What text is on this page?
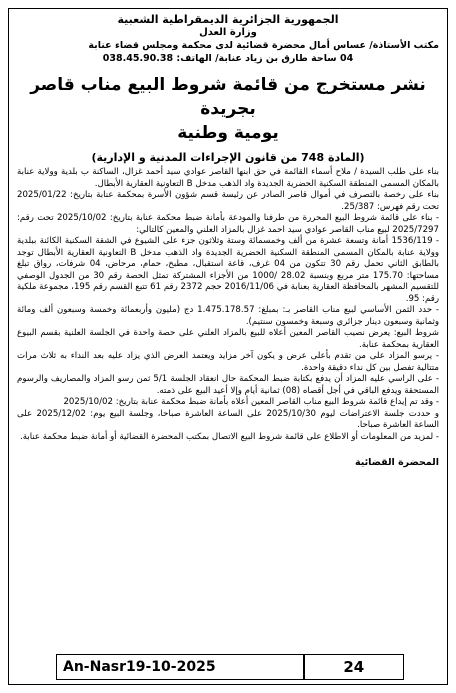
الجمهورية الجزائرية الديمقراطية الشعبية
وزارة العدل
مكتب الأستاذة/ عساس أمال محضرة قضائية لدى محكمة ومجلس قضاء عنابة
04 ساحة طارق بن زياد عنابة/ الهاتف: 038.45.90.38
نشر مستخرج من قائمة شروط البيع مناب قاصر بجريدة
يومية وطنية
(المادة 748 من قانون الإجراءات المدنية و الإدارية)

بناء على طلب السيدة / ملاح أسماء القائمة في حق ابنها القاصر عوادي سيد أحمد غزال، الساكنة ب بلدية وولاية عنابة بالمكان المسمى المنطقة السكنية الحضرية الجديدة واد الذهب مدخل B التعاونية العقارية الأبطال.

بناء على رخصة بالتصرف في أموال قاصر الصادر عن رئيسة قسم شؤون الأسرة بمحكمة عنابة بتاريخ: 2025/01/22 تحت رقم فهرس: 25/387.

- بناء على قائمة شروط البيع المحررة من طرفنا والمودعة بأمانة ضبط محكمة عنابة بتاريخ: 2025/10/02 تحت رقم: 2025/7297 لبيع مناب القاصر عوادي سيد احمد غزال بالمزاد العلني والمعين كالتالي:

- 1536/119 أمانة وتسعة عشرة من ألف وخمسمائة وستة وثلاثون جزء على الشيوع في الشقة السكنية الكائنة ببلدية وولاية عنابة بالمكان المسمى المنطقة السكنية الحضرية الجديدة واد الذهب مدخل B التعاونية العقارية الأبطال توجد بالطابق الثاني تحمل رقم 30 تتكون من 04 غرف، قاعة استقبال، مطبخ، حمام، مرحاض، 04 شرفات، رواق تبلغ مساحتها: 175.70 متر مربع وبنسبة 28.02 /1000 من الأجزاء المشتركة تمثل الحصة رقم 30 من الجدول الوصفي للتقسيم المشهر بالمحافظة العقارية بعنابة في 2016/11/06 حجم 2372 رقم 61 تتبع القسم رقم 195، مجموعة ملكية رقم: 95.

- حدد الثمن الأساسي لبيع مناب القاصر بـ: بمبلغ: 1.475.178.57 دج (مليون وأربعمائة وخمسة وسبعون ألف ومائة وثمانية وسبعون دينار جزائري وسبعة وخمسون سنتيم).

شروط البيع: يعرض نصيب القاصر المعين أعلاه للبيع بالمزاد العلني على حصة واحدة في الجلسة العلنية بقسم البيوع العقارية بمحكمة عنابة.

- يرسو المزاد على من تقدم بأعلى عرض و يكون آخر مزايد ويعتمد العرض الذي يزاد عليه بعد النداء به ثلاث مرات متتالية تفصل بين كل نداء دقيقة واحدة.

- على الراسي عليه المزاد أن يدفع بكتابة ضبط المحكمة حال انعقاد الجلسة 5/1 ثمن رسو المزاد والمصاريف والرسوم المستحقة ويدفع الباقي في أجل أقصاه (08) ثمانية أيام وإلا أعيد البيع على ذمته.

- وقد تم إيداع قائمة شروط البيع مناب القاصر المعين أعلاه بأمانة ضبط محكمة عنابة بتاريخ: 2025/10/02

و حددت جلسة الاعتراضات ليوم 2025/10/30 على الساعة العاشرة صباحا، وجلسة البيع يوم: 2025/12/02 على الساعة العاشرة صباحا.

- لمزيد من المعلومات أو الاطلاع على قائمة شروط البيع الاتصال بمكتب المحضرة القضائية أو أمانة ضبط محكمة عنابة.

المحضرة القضائية
An-Nasr19-10-2025	24
